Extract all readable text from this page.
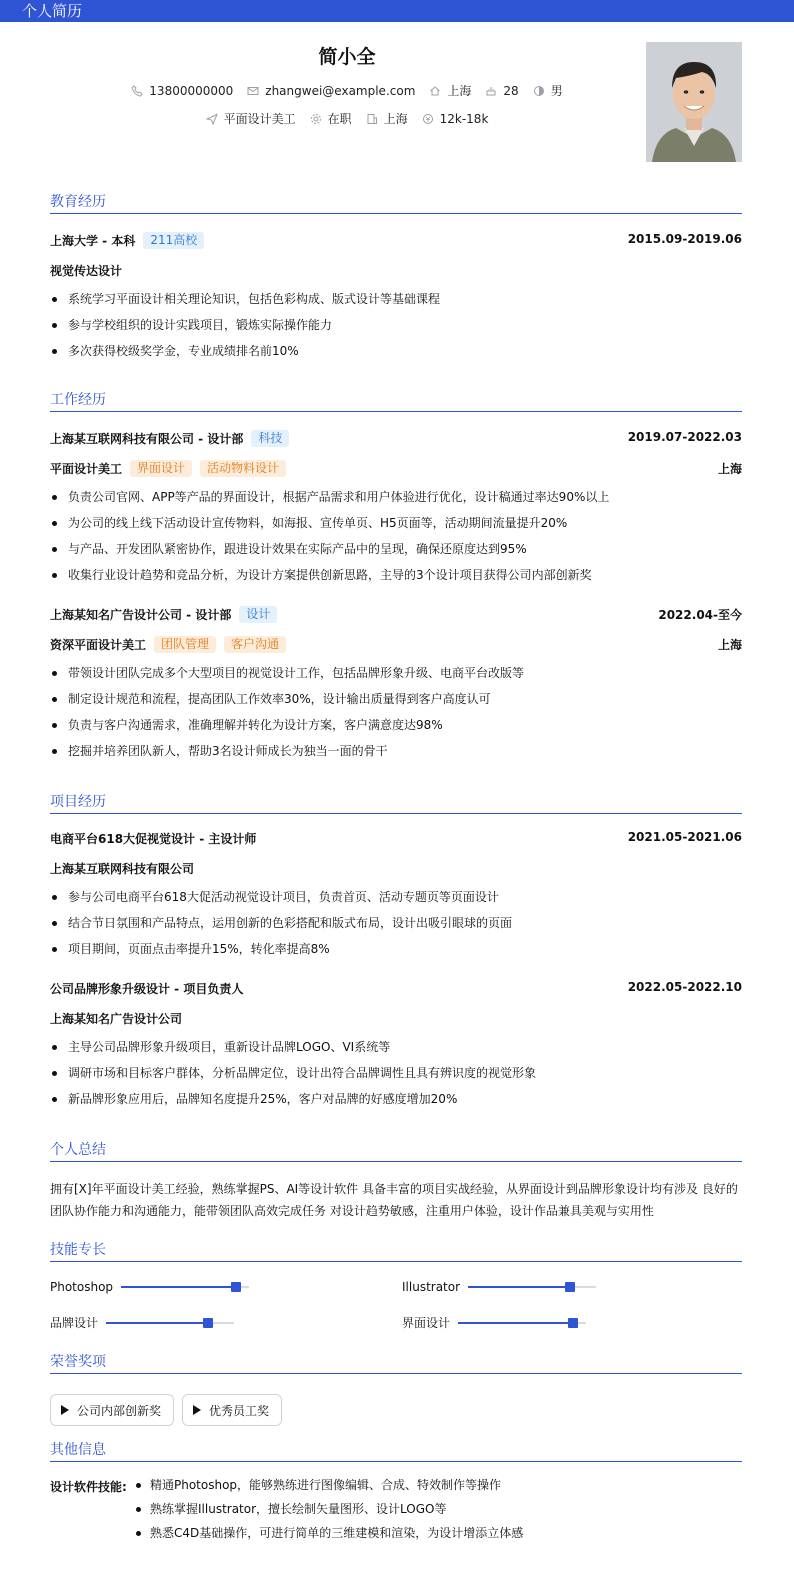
个人简历
简小全
13800000000	zhangwei@example.com	上海	28	男
平面设计美工	在职	上海	12k-18k
教育经历
上海大学 - 本科	211高校	2015.09-2019.06
视觉传达设计
系统学习平面设计相关理论知识，包括色彩构成、版式设计等基础课程
参与学校组织的设计实践项目，锻炼实际操作能力
多次获得校级奖学金，专业成绩排名前10%
工作经历
上海某互联网科技有限公司 - 设计部	科技	2019.07-2022.03
平面设计美工	界面设计	活动物料设计	上海
负责公司官网、APP等产品的界面设计，根据产品需求和用户体验进行优化，设计稿通过率达90%以上
为公司的线上线下活动设计宣传物料，如海报、宣传单页、H5页面等，活动期间流量提升20%
与产品、开发团队紧密协作，跟进设计效果在实际产品中的呈现，确保还原度达到95%
收集行业设计趋势和竞品分析，为设计方案提供创新思路，主导的3个设计项目获得公司内部创新奖
上海某知名广告设计公司 - 设计部	设计	2022.04-至今
资深平面设计美工	团队管理	客户沟通	上海
带领设计团队完成多个大型项目的视觉设计工作，包括品牌形象升级、电商平台改版等
制定设计规范和流程，提高团队工作效率30%，设计输出质量得到客户高度认可
负责与客户沟通需求，准确理解并转化为设计方案，客户满意度达98%
挖掘并培养团队新人，帮助3名设计师成长为独当一面的骨干
项目经历
电商平台618大促视觉设计 - 主设计师	2021.05-2021.06
上海某互联网科技有限公司
参与公司电商平台618大促活动视觉设计项目，负责首页、活动专题页等页面设计
结合节日氛围和产品特点，运用创新的色彩搭配和版式布局，设计出吸引眼球的页面
项目期间，页面点击率提升15%，转化率提高8%
公司品牌形象升级设计 - 项目负责人	2022.05-2022.10
上海某知名广告设计公司
主导公司品牌形象升级项目，重新设计品牌LOGO、VI系统等
调研市场和目标客户群体，分析品牌定位，设计出符合品牌调性且具有辨识度的视觉形象
新品牌形象应用后，品牌知名度提升25%，客户对品牌的好感度增加20%
个人总结
拥有[X]年平面设计美工经验，熟练掌握PS、AI等设计软件 具备丰富的项目实战经验，从界面设计到品牌形象设计均有涉及 良好的团队协作能力和沟通能力，能带领团队高效完成任务 对设计趋势敏感，注重用户体验，设计作品兼具美观与实用性
技能专长
Photoshop	Illustrator
品牌设计	界面设计
荣誉奖项
公司内部创新奖	优秀员工奖
其他信息
设计软件技能:	精通Photoshop，能够熟练进行图像编辑、合成、特效制作等操作
熟练掌握Illustrator，擅长绘制矢量图形、设计LOGO等
熟悉C4D基础操作，可进行简单的三维建模和渲染，为设计增添立体感
